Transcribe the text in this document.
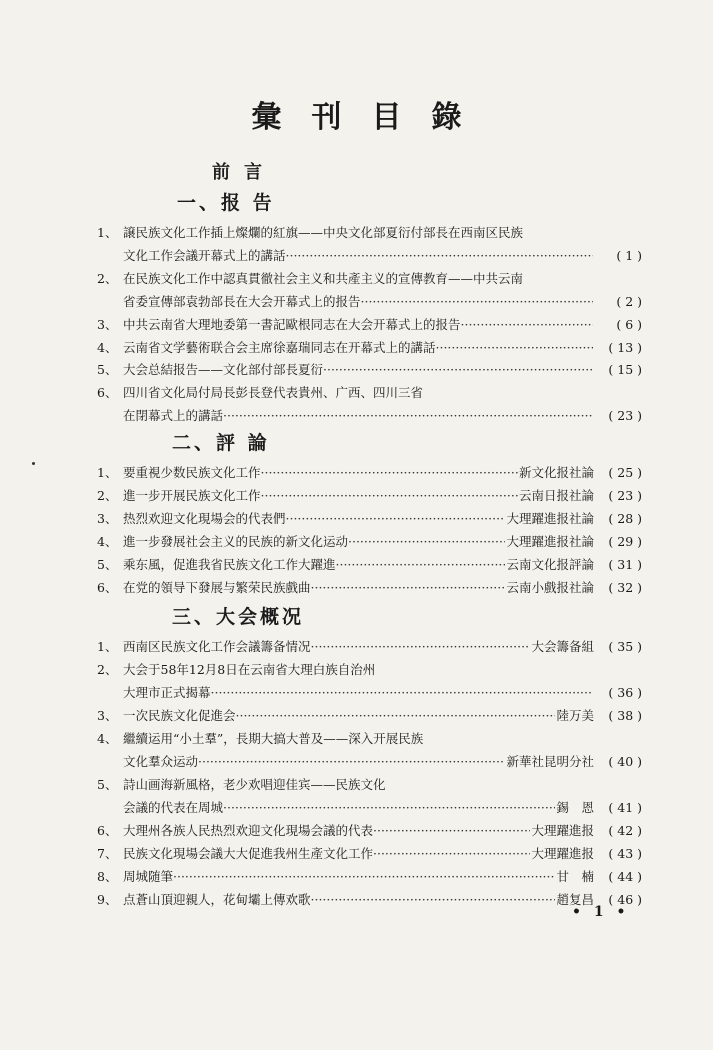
彙刊目錄
前言
一、报 告
1、 譲民族文化工作插上燦爛的紅旗——中央文化部夏衍付部長在西南区民族
文化工作会議开幕式上的講話 ·····	( 1 )
2、 在民族文化工作中認真貫徹社会主义和共產主义的宣傳教育——中共云南
省委宣傳部袁勃部長在大会开幕式上的报告 ·····	( 2 )
3、 中共云南省大理地委第一書記歐根同志在大会开幕式上的报告 ·····	( 6 )
4、 云南省文学藝術联合会主席徐嘉瑞同志在开幕式上的講話 ·····	( 13 )
5、 大会总結报告——文化部付部長夏衍 ·····	( 15 )
6、 四川省文化局付局長彭長登代表貴州、广西、四川三省
在閉幕式上的講話 ·····	( 23 )
二、評 論
1、 要重視少数民族文化工作 ·····	新文化报社論	( 25 )
2、 進一步开展民族文化工作 ·····	云南日报社論	( 23 )
3、 热烈欢迎文化現場会的代表們 ·····	大理躍進报社論	( 28 )
4、 進一步發展社会主义的民族的新文化运动 ·····	大理躍進报社論	( 29 )
5、 乘东風，促進我省民族文化工作大躍進 ·····	云南文化报評論	( 31 )
6、 在党的領导下發展与繁荣民族戲曲 ·····	云南小戲报社論	( 32 )
三、大会概况
1、 西南区民族文化工作会議籌备情况 ·····	大会籌备組	( 35 )
2、 大会于58年12月8日在云南省大理白族自治州
大理市正式揭幕 ·····	( 36 )
3、 一次民族文化促進会 ·····	陸万美	( 38 )
4、 繼續运用“小土羣”，長期大搞大普及——深入开展民族
文化羣众运动 ·····	新華社昆明分社	( 40 )
5、 詩山画海新風格，老少欢唱迎佳宾——民族文化
会議的代表在周城 ·····	錫　恩	( 41 )
6、 大理州各族人民热烈欢迎文化現場会議的代表 ·····	大理躍進报	( 42 )
7、 民族文化現場会議大大促進我州生產文化工作 ·····	大理躍進报	( 43 )
8、 周城随筆 ·····	甘　楠	( 44 )
9、 点蒼山頂迎親人，花甸壩上傳欢歌 ·····	趙复昌	( 46 )
• 1 •
